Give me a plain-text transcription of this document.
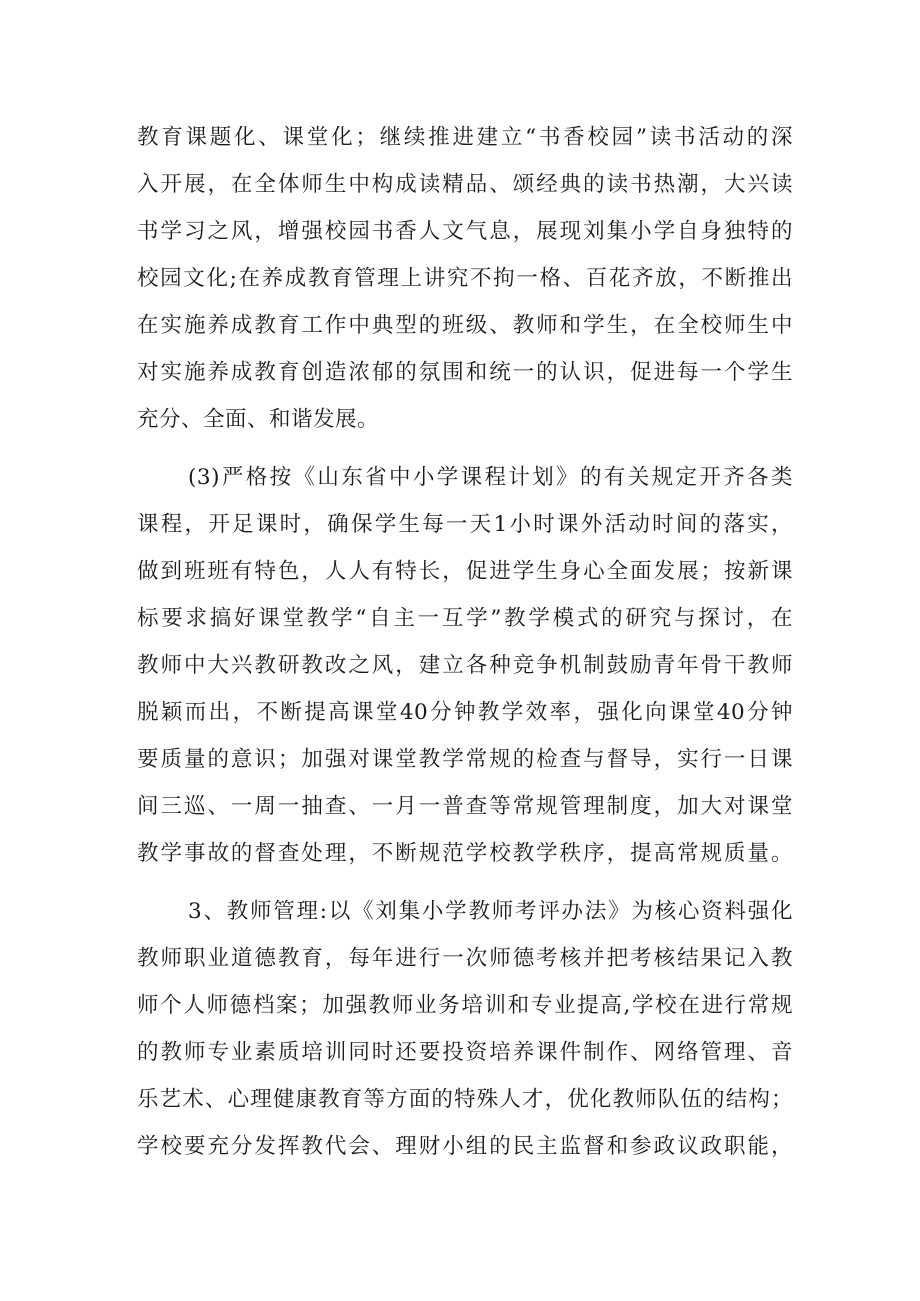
教育课题化、课堂化；继续推进建立“书香校园”读书活动的深
入开展，在全体师生中构成读精品、颂经典的读书热潮，大兴读
书学习之风，增强校园书香人文气息，展现刘集小学自身独特的
校园文化;在养成教育管理上讲究不拘一格、百花齐放，不断推出
在实施养成教育工作中典型的班级、教师和学生，在全校师生中
对实施养成教育创造浓郁的氛围和统一的认识，促进每一个学生
充分、全面、和谐发展。
(3)严格按《山东省中小学课程计划》的有关规定开齐各类
课程，开足课时，确保学生每一天1小时课外活动时间的落实，
做到班班有特色，人人有特长，促进学生身心全面发展；按新课
标要求搞好课堂教学“自主一互学”教学模式的研究与探讨，在
教师中大兴教研教改之风，建立各种竞争机制鼓励青年骨干教师
脱颖而出，不断提高课堂40分钟教学效率，强化向课堂40分钟
要质量的意识；加强对课堂教学常规的检查与督导，实行一日课
间三巡、一周一抽查、一月一普查等常规管理制度，加大对课堂
教学事故的督查处理，不断规范学校教学秩序，提高常规质量。
3、教师管理:以《刘集小学教师考评办法》为核心资料强化
教师职业道德教育，每年进行一次师德考核并把考核结果记入教
师个人师德档案；加强教师业务培训和专业提高,学校在进行常规
的教师专业素质培训同时还要投资培养课件制作、网络管理、音
乐艺术、心理健康教育等方面的特殊人才，优化教师队伍的结构；
学校要充分发挥教代会、理财小组的民主监督和参政议政职能，
